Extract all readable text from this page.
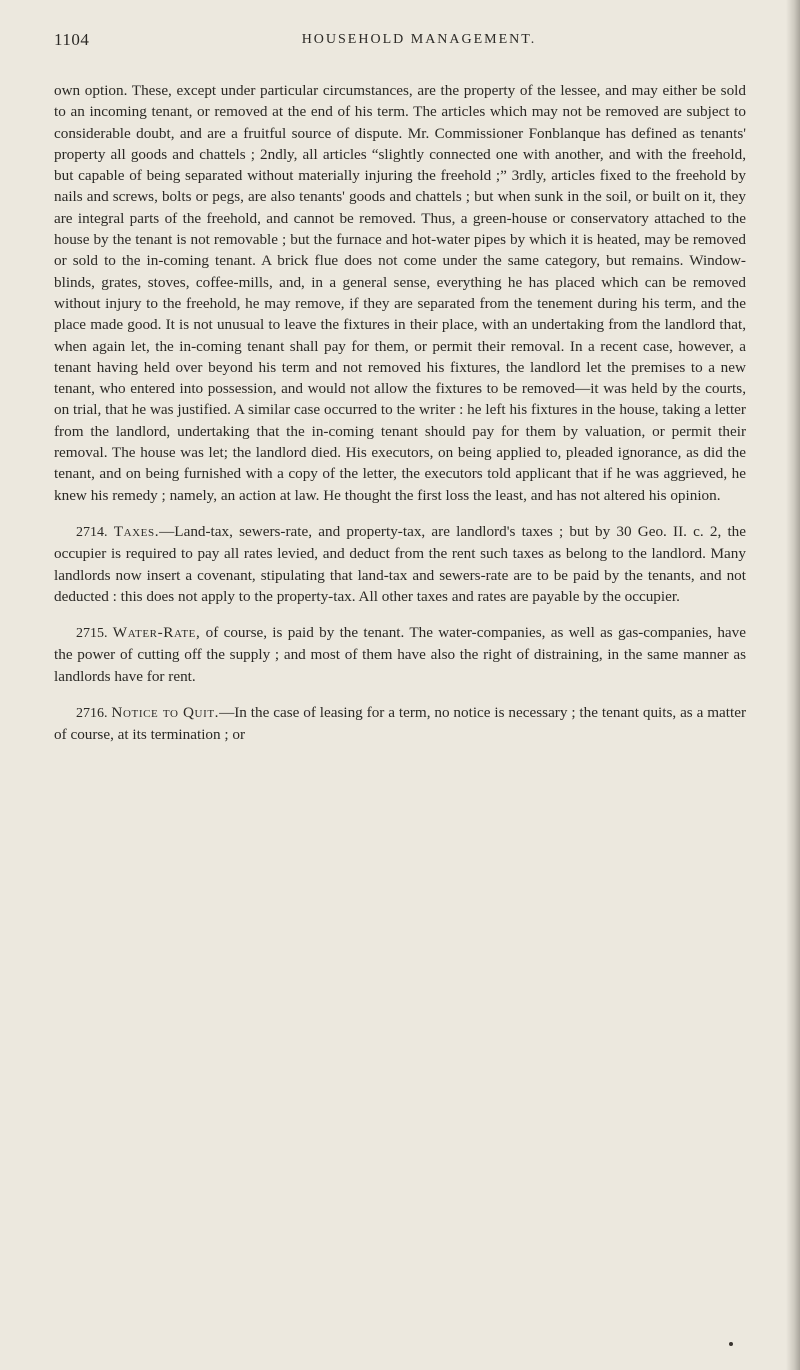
1104	HOUSEHOLD MANAGEMENT.

own option. These, except under particular circumstances, are the property of the lessee, and may either be sold to an incoming tenant, or removed at the end of his term. The articles which may not be removed are subject to considerable doubt, and are a fruitful source of dispute. Mr. Commissioner Fonblanque has defined as tenants' property all goods and chattels ; 2ndly, all articles “slightly connected one with another, and with the freehold, but capable of being separated without materially injuring the freehold ;” 3rdly, articles fixed to the freehold by nails and screws, bolts or pegs, are also tenants' goods and chattels ; but when sunk in the soil, or built on it, they are integral parts of the freehold, and cannot be removed. Thus, a green-house or conservatory attached to the house by the tenant is not removable ; but the furnace and hot-water pipes by which it is heated, may be removed or sold to the in-coming tenant. A brick flue does not come under the same category, but remains. Window-blinds, grates, stoves, coffee-mills, and, in a general sense, everything he has placed which can be removed without injury to the freehold, he may remove, if they are separated from the tenement during his term, and the place made good. It is not unusual to leave the fixtures in their place, with an undertaking from the landlord that, when again let, the in-coming tenant shall pay for them, or permit their removal. In a recent case, however, a tenant having held over beyond his term and not removed his fixtures, the landlord let the premises to a new tenant, who entered into possession, and would not allow the fixtures to be removed—it was held by the courts, on trial, that he was justified. A similar case occurred to the writer : he left his fixtures in the house, taking a letter from the landlord, undertaking that the in-coming tenant should pay for them by valuation, or permit their removal. The house was let; the landlord died. His executors, on being applied to, pleaded ignorance, as did the tenant, and on being furnished with a copy of the letter, the executors told applicant that if he was aggrieved, he knew his remedy ; namely, an action at law. He thought the first loss the least, and has not altered his opinion.

2714. Taxes.—Land-tax, sewers-rate, and property-tax, are landlord's taxes ; but by 30 Geo. II. c. 2, the occupier is required to pay all rates levied, and deduct from the rent such taxes as belong to the landlord. Many landlords now insert a covenant, stipulating that land-tax and sewers-rate are to be paid by the tenants, and not deducted : this does not apply to the property-tax. All other taxes and rates are payable by the occupier.

2715. Water-Rate, of course, is paid by the tenant. The water-companies, as well as gas-companies, have the power of cutting off the supply ; and most of them have also the right of distraining, in the same manner as landlords have for rent.

2716. Notice to Quit.—In the case of leasing for a term, no notice is necessary ; the tenant quits, as a matter of course, at its termination ; or
